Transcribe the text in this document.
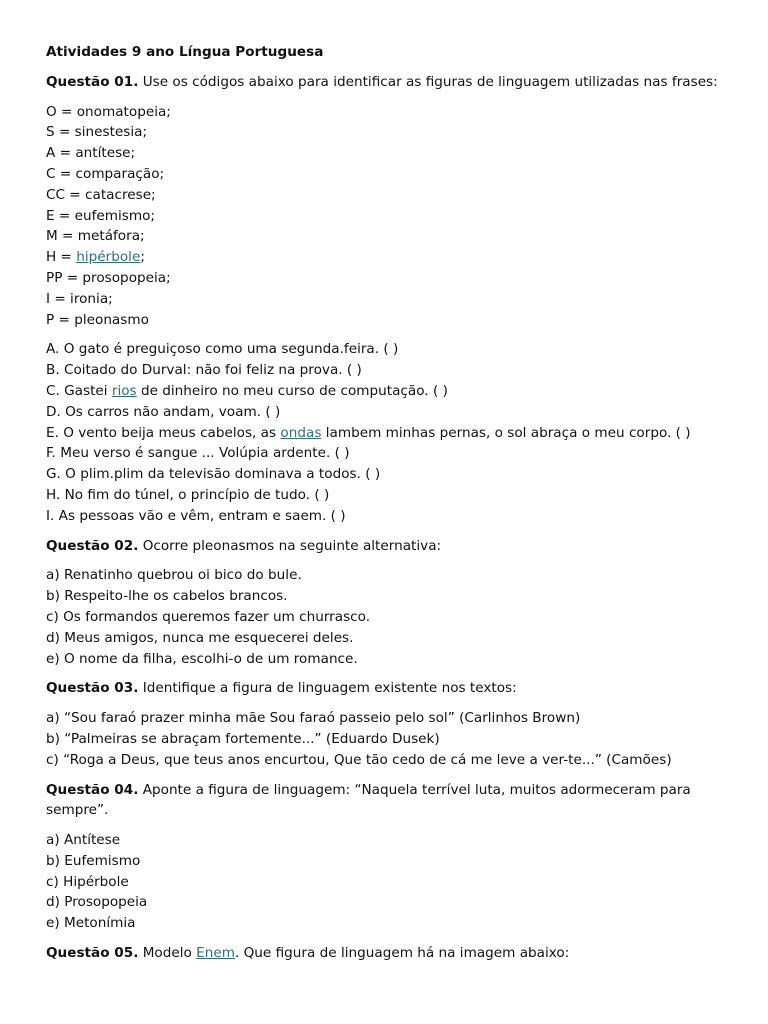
Atividades 9 ano Língua Portuguesa

Questão 01. Use os códigos abaixo para identificar as figuras de linguagem utilizadas nas frases:

O = onomatopeia;

S = sinestesia;

A = antítese;

C = comparação;

CC = catacrese;

E = eufemismo;

M = metáfora;

H = hipérbole;

PP = prosopopeia;

I = ironia;

P = pleonasmo

A. O gato é preguiçoso como uma segunda.feira. ( )

B. Coitado do Durval: não foi feliz na prova. ( )

C. Gastei rios de dinheiro no meu curso de computação. ( )

D. Os carros não andam, voam. ( )

E. O vento beija meus cabelos, as ondas lambem minhas pernas, o sol abraça o meu corpo. ( )

F. Meu verso é sangue ... Volúpia ardente. ( )

G. O plim.plim da televisão dominava a todos. ( )

H. No fim do túnel, o princípio de tudo. ( )

I. As pessoas vão e vêm, entram e saem. ( )

Questão 02. Ocorre pleonasmos na seguinte alternativa:

a) Renatinho quebrou oi bico do bule.

b) Respeito-lhe os cabelos brancos.

c) Os formandos queremos fazer um churrasco.

d) Meus amigos, nunca me esquecerei deles.

e) O nome da filha, escolhi-o de um romance.

Questão 03. Identifique a figura de linguagem existente nos textos:

a) “Sou faraó prazer minha mãe Sou faraó passeio pelo sol” (Carlinhos Brown)

b) “Palmeiras se abraçam fortemente...” (Eduardo Dusek)

c) “Roga a Deus, que teus anos encurtou, Que tão cedo de cá me leve a ver-te...” (Camões)

Questão 04. Aponte a figura de linguagem: “Naquela terrível luta, muitos adormeceram para sempre”.

a) Antítese

b) Eufemismo

c) Hipérbole

d) Prosopopeia

e) Metonímia

Questão 05. Modelo Enem. Que figura de linguagem há na imagem abaixo:
